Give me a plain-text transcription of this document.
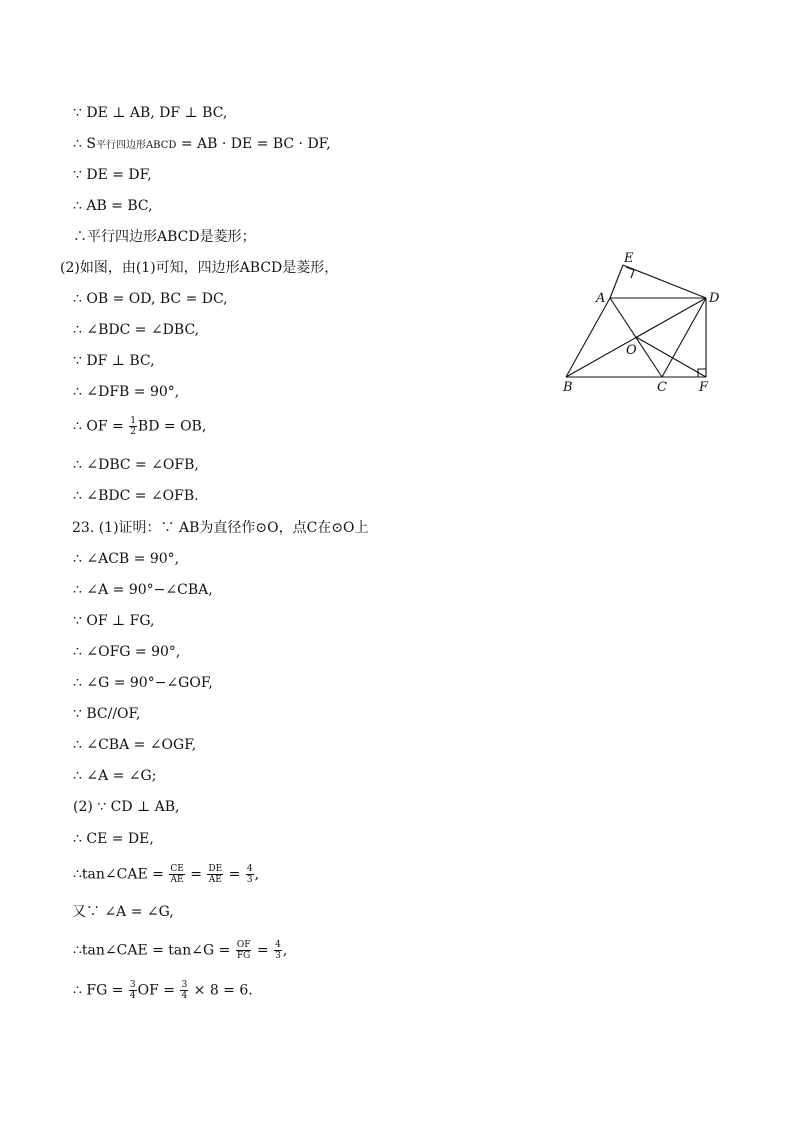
∵ DE ⊥ AB, DF ⊥ BC,
∴ S平行四边形ABCD = AB · DE = BC · DF,
∵ DE = DF,
∴ AB = BC,
∴平行四边形ABCD是菱形；
(2)如图，由(1)可知，四边形ABCD是菱形，
∴ OB = OD, BC = DC,
∴ ∠BDC = ∠DBC,
∵ DF ⊥ BC,
∴ ∠DFB = 90°,
∴ OF = $\frac{1}{2}$ BD = OB,
∴ ∠DBC = ∠OFB,
∴ ∠BDC = ∠OFB.
23. (1)证明：∵ AB为直径作⊙O，点C在⊙O上
∴ ∠ACB = 90°,
∴ ∠A = 90°−∠CBA,
∵ OF ⊥ FG,
∴ ∠OFG = 90°,
∴ ∠G = 90°−∠GOF,
∵ BC//OF,
∴ ∠CBA = ∠OGF,
∴ ∠A = ∠G;
(2) ∵ CD ⊥ AB,
∴ CE = DE,
∴tan∠CAE = $\frac{CE}{AE} = \frac{DE}{AE} = \frac{4}{3}$ ,
又∵ ∠A = ∠G,
∴tan∠CAE = tan∠G = $\frac{OF}{FG} = \frac{4}{3}$ ,
∴ FG = $\frac{3}{4}$ OF = $\frac{3}{4} \times 8 = 6$.
E
A	D
O
B	C F
